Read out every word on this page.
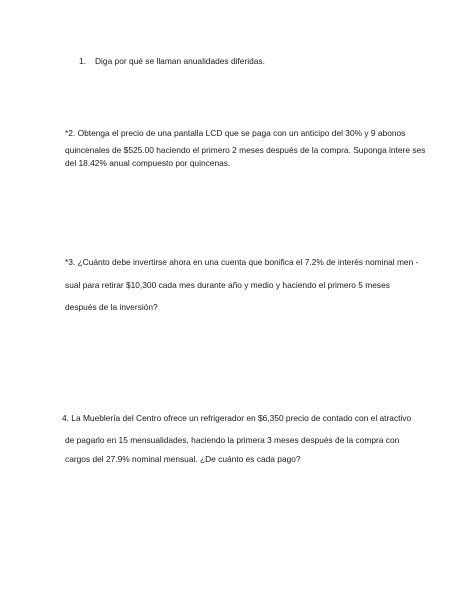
1. Diga por qué se llaman anualidades diferidas.
*2. Obtenga el precio de una pantalla LCD que se paga con un anticipo del 30% y 9 abonos
quincenales de $525.00 haciendo el primero 2 meses después de la compra. Suponga intere ses
del 18.42% anual compuesto por quincenas.
*3. ¿Cuánto debe invertirse ahora en una cuenta que bonifica el 7.2% de interés nominal men -
sual para retirar $10,300 cada mes durante año y medio y haciendo el primero 5 meses
después de la inversión?
4. La Mueblería del Centro ofrece un refrigerador en $6,350 precio de contado con el atractivo
de pagarlo en 15 mensualidades, haciendo la primera 3 meses después de la compra con
cargos del 27.9% nominal mensual. ¿De cuánto es cada pago?
